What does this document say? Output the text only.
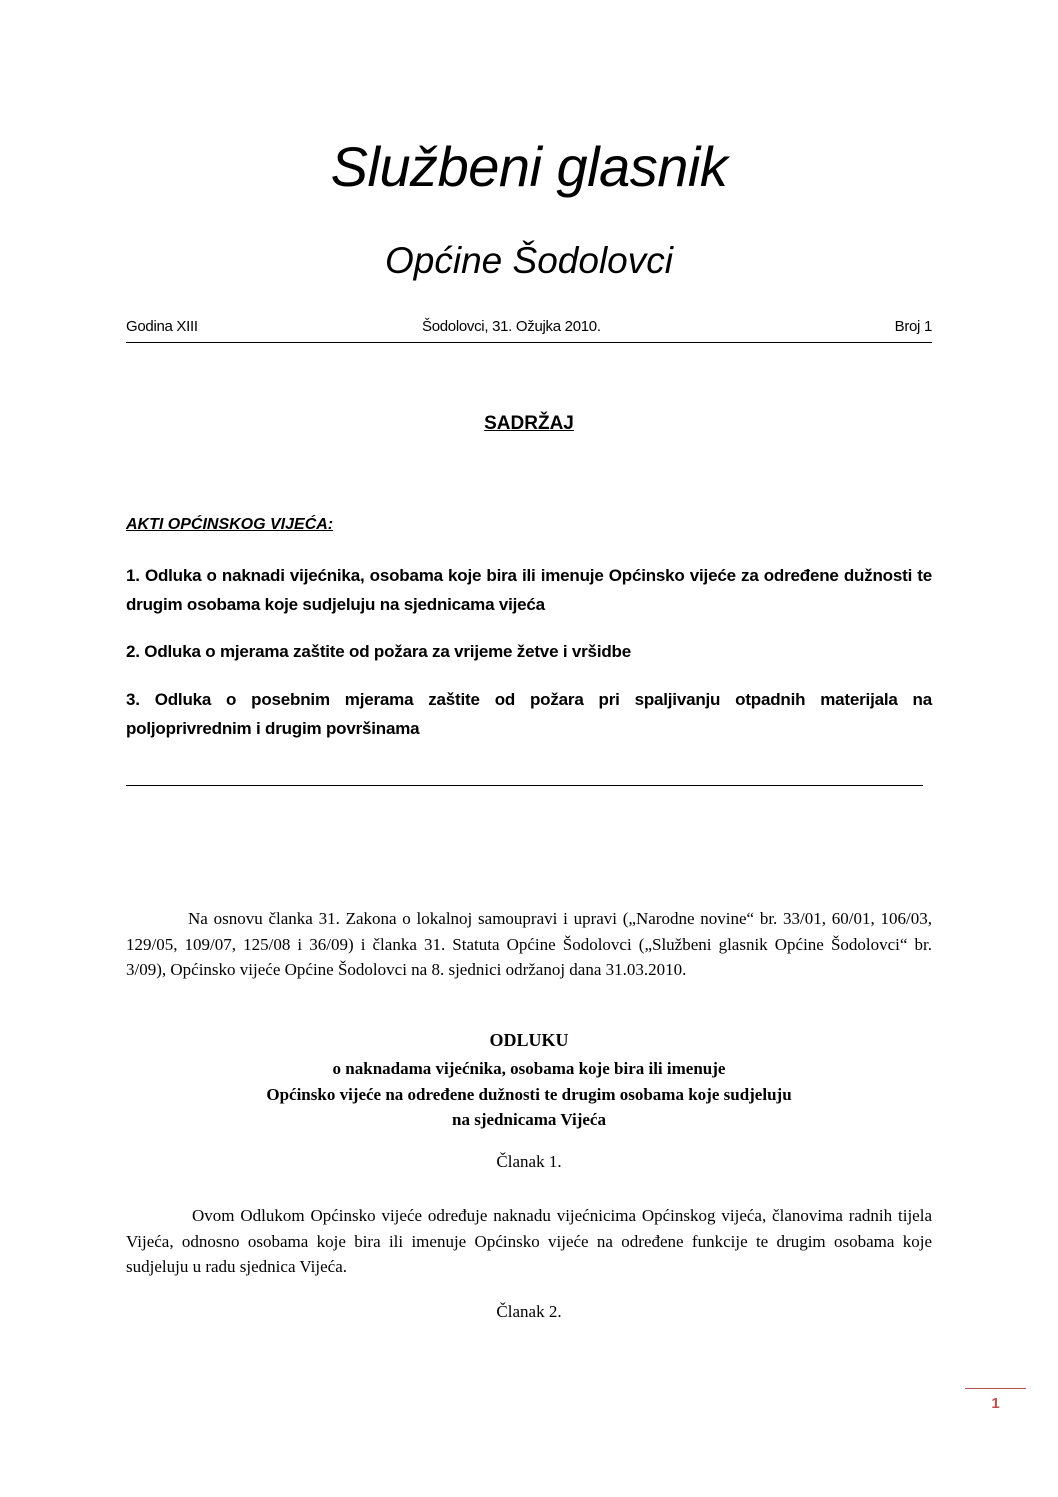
Službeni glasnik
Općine Šodolovci
Godina XIII	Šodolovci, 31. Ožujka 2010.	Broj 1
SADRŽAJ
AKTI OPĆINSKOG VIJEĆA:
1. Odluka o naknadi vijećnika, osobama koje bira ili imenuje Općinsko vijeće za određene dužnosti te drugim osobama koje sudjeluju na sjednicama vijeća
2. Odluka o mjerama zaštite od požara za vrijeme žetve i vršidbe
3. Odluka o posebnim mjerama zaštite od požara pri spaljivanju otpadnih materijala na poljoprivrednim i drugim površinama
Na osnovu članka 31. Zakona o lokalnoj samoupravi i upravi („Narodne novine“ br. 33/01, 60/01, 106/03, 129/05, 109/07, 125/08 i 36/09) i članka 31. Statuta Općine Šodolovci („Službeni glasnik Općine Šodolovci“ br. 3/09), Općinsko vijeće Općine Šodolovci na 8. sjednici održanoj dana 31.03.2010.
ODLUKU
o naknadama vijećnika, osobama koje bira ili imenuje
Općinsko vijeće na određene dužnosti te drugim osobama koje sudjeluju
na sjednicama Vijeća
Članak 1.
Ovom Odlukom Općinsko vijeće određuje naknadu vijećnicima Općinskog vijeća, članovima radnih tijela Vijeća, odnosno osobama koje bira ili imenuje Općinsko vijeće na određene funkcije te drugim osobama koje sudjeluju u radu sjednica Vijeća.
Članak 2.
1
